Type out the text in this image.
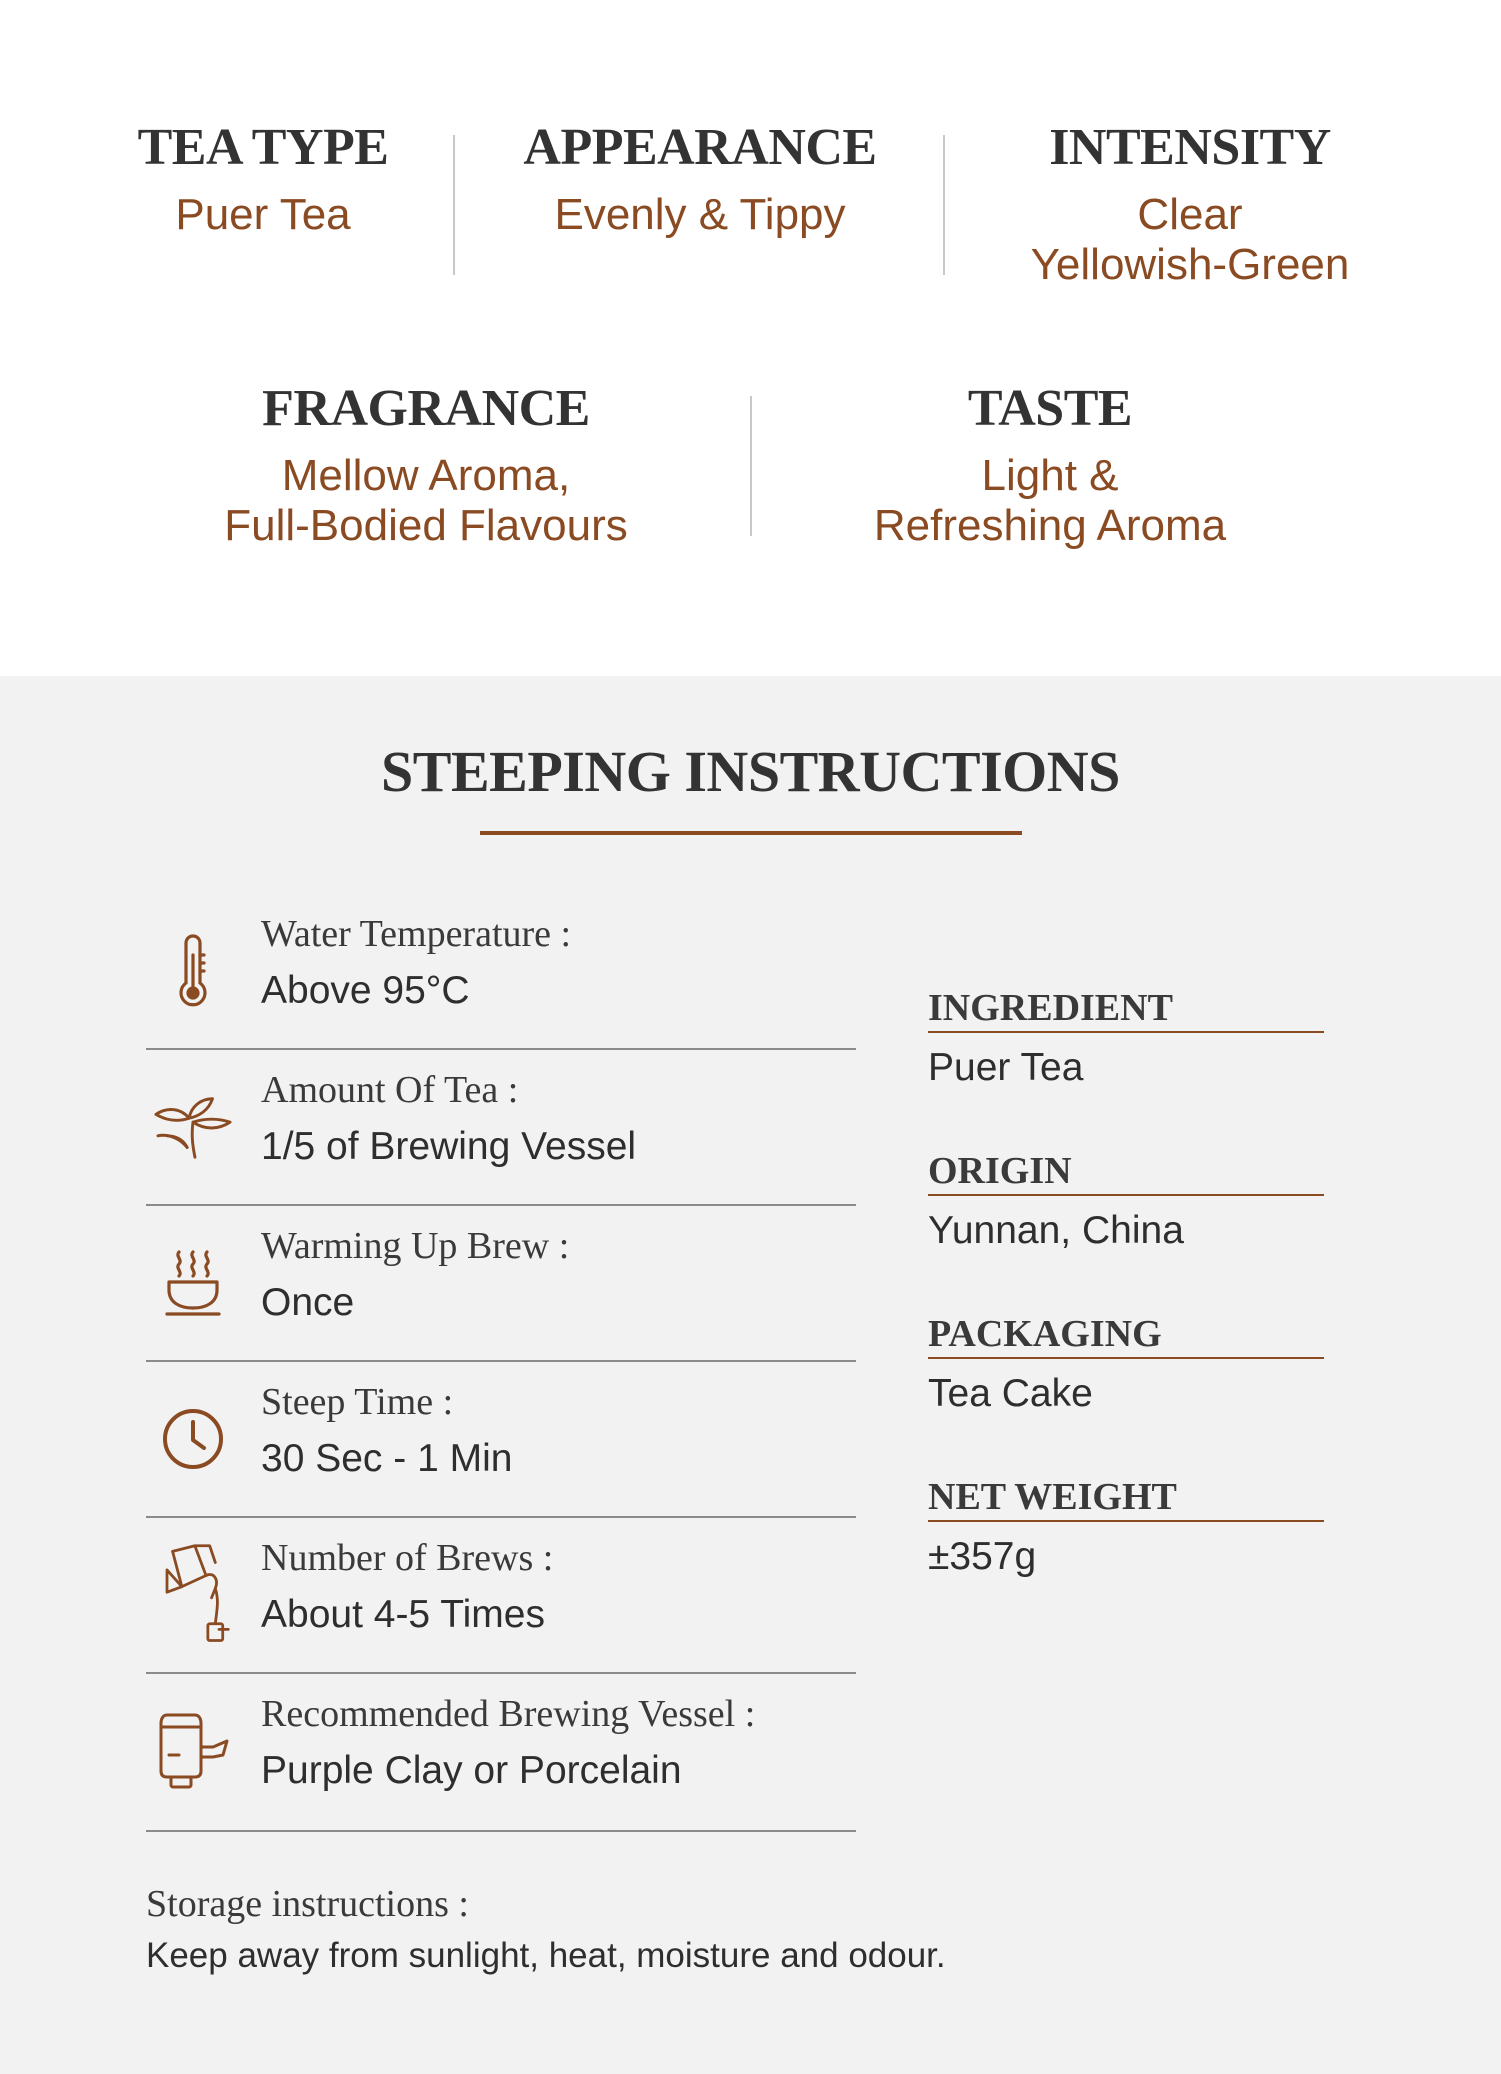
TEA TYPE
Puer Tea
APPEARANCE
Evenly & Tippy
INTENSITY
Clear
Yellowish-Green
FRAGRANCE
Mellow Aroma,
Full-Bodied Flavours
TASTE
Light &
Refreshing Aroma
STEEPING INSTRUCTIONS
Water Temperature :
Above 95°C
Amount Of Tea :
1/5 of Brewing Vessel
Warming Up Brew :
Once
Steep Time :
30 Sec - 1 Min
Number of Brews :
About 4-5 Times
Recommended Brewing Vessel :
Purple Clay or Porcelain
INGREDIENT
Puer Tea
ORIGIN
Yunnan, China
PACKAGING
Tea Cake
NET WEIGHT
±357g
Storage instructions :
Keep away from sunlight, heat, moisture and odour.
